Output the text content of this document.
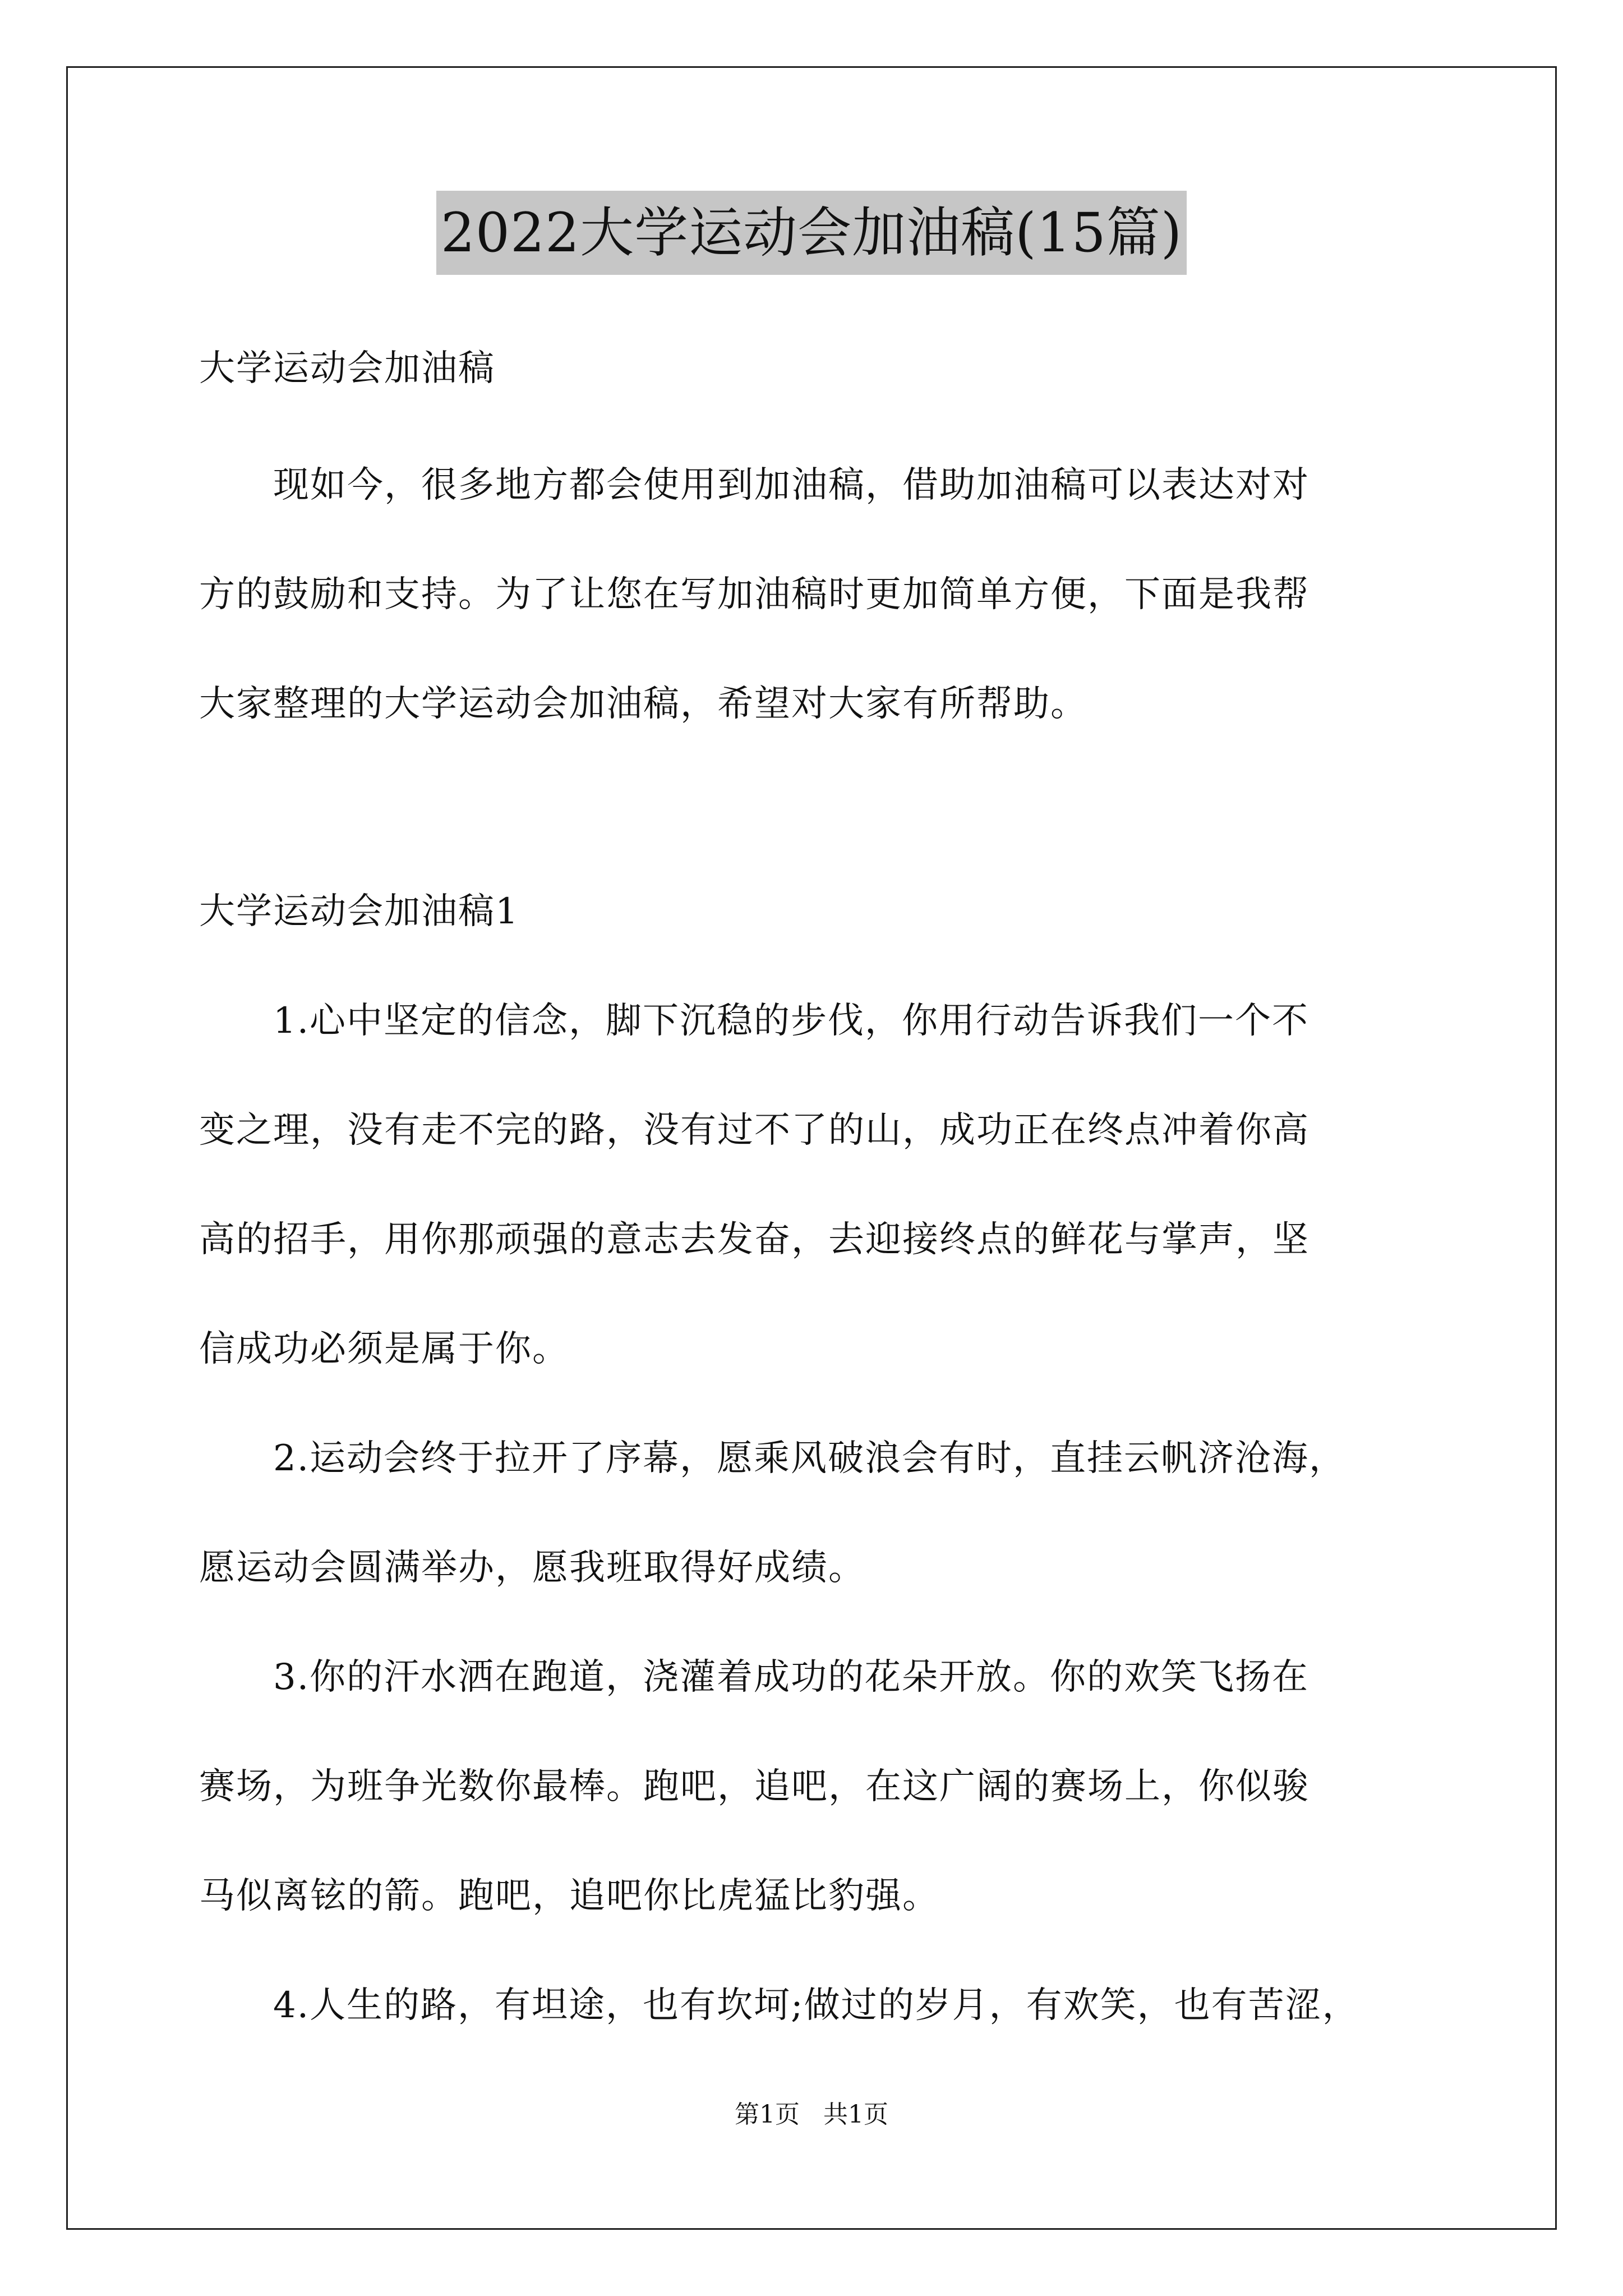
2022大学运动会加油稿(15篇)
大学运动会加油稿
　　现如今，很多地方都会使用到加油稿，借助加油稿可以表达对对
方的鼓励和支持。为了让您在写加油稿时更加简单方便，下面是我帮
大家整理的大学运动会加油稿，希望对大家有所帮助。
大学运动会加油稿1
　　1.心中坚定的信念，脚下沉稳的步伐，你用行动告诉我们一个不
变之理，没有走不完的路，没有过不了的山，成功正在终点冲着你高
高的招手，用你那顽强的意志去发奋，去迎接终点的鲜花与掌声，坚
信成功必须是属于你。
　　2.运动会终于拉开了序幕，愿乘风破浪会有时，直挂云帆济沧海，
愿运动会圆满举办，愿我班取得好成绩。
　　3.你的汗水洒在跑道，浇灌着成功的花朵开放。你的欢笑飞扬在
赛场，为班争光数你最棒。跑吧，追吧，在这广阔的赛场上，你似骏
马似离铉的箭。跑吧，追吧你比虎猛比豹强。
　　4.人生的路，有坦途，也有坎坷;做过的岁月，有欢笑，也有苦涩，
第1页 共1页
